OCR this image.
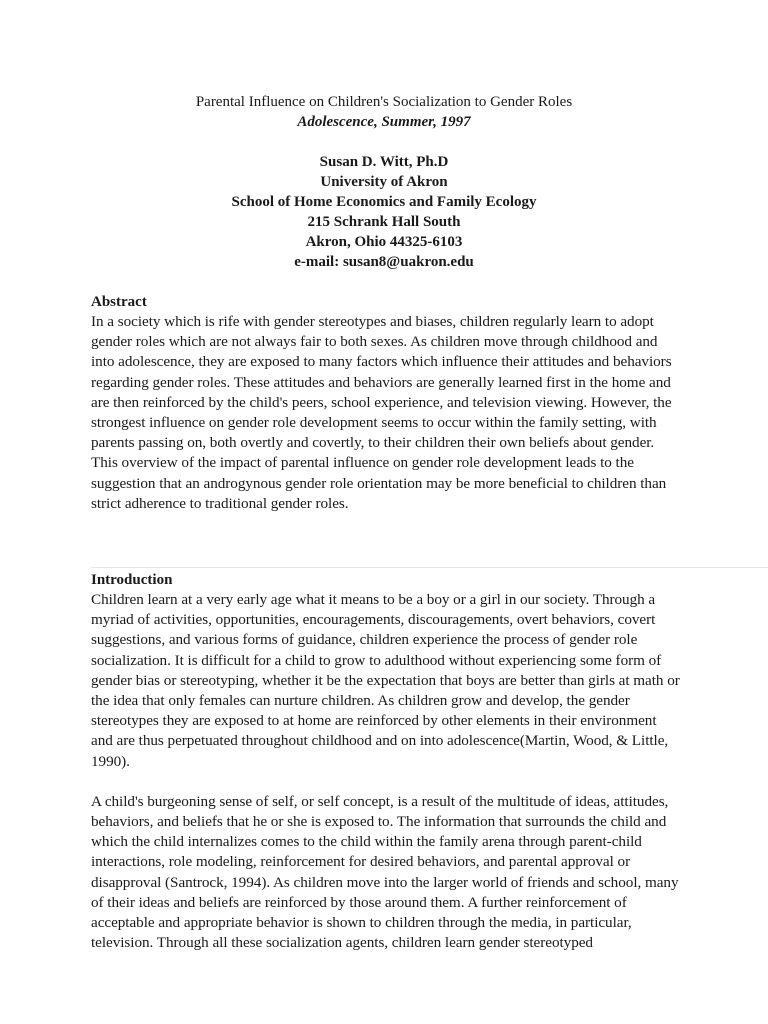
Parental Influence on Children's Socialization to Gender Roles

Adolescence, Summer, 1997

Susan D. Witt, Ph.D

University of Akron

School of Home Economics and Family Ecology

215 Schrank Hall South

Akron, Ohio 44325-6103

e-mail: susan8@uakron.edu

Abstract

In a society which is rife with gender stereotypes and biases, children regularly learn to adopt gender roles which are not always fair to both sexes. As children move through childhood and into adolescence, they are exposed to many factors which influence their attitudes and behaviors regarding gender roles. These attitudes and behaviors are generally learned first in the home and are then reinforced by the child's peers, school experience, and television viewing. However, the strongest influence on gender role development seems to occur within the family setting, with parents passing on, both overtly and covertly, to their children their own beliefs about gender. This overview of the impact of parental influence on gender role development leads to the suggestion that an androgynous gender role orientation may be more beneficial to children than strict adherence to traditional gender roles.

Introduction

Children learn at a very early age what it means to be a boy or a girl in our society. Through a myriad of activities, opportunities, encouragements, discouragements, overt behaviors, covert suggestions, and various forms of guidance, children experience the process of gender role socialization. It is difficult for a child to grow to adulthood without experiencing some form of gender bias or stereotyping, whether it be the expectation that boys are better than girls at math or the idea that only females can nurture children. As children grow and develop, the gender stereotypes they are exposed to at home are reinforced by other elements in their environment and are thus perpetuated throughout childhood and on into adolescence(Martin, Wood, & Little, 1990).

A child's burgeoning sense of self, or self concept, is a result of the multitude of ideas, attitudes, behaviors, and beliefs that he or she is exposed to. The information that surrounds the child and which the child internalizes comes to the child within the family arena through parent-child interactions, role modeling, reinforcement for desired behaviors, and parental approval or disapproval (Santrock, 1994). As children move into the larger world of friends and school, many of their ideas and beliefs are reinforced by those around them. A further reinforcement of acceptable and appropriate behavior is shown to children through the media, in particular, television. Through all these socialization agents, children learn gender stereotyped
